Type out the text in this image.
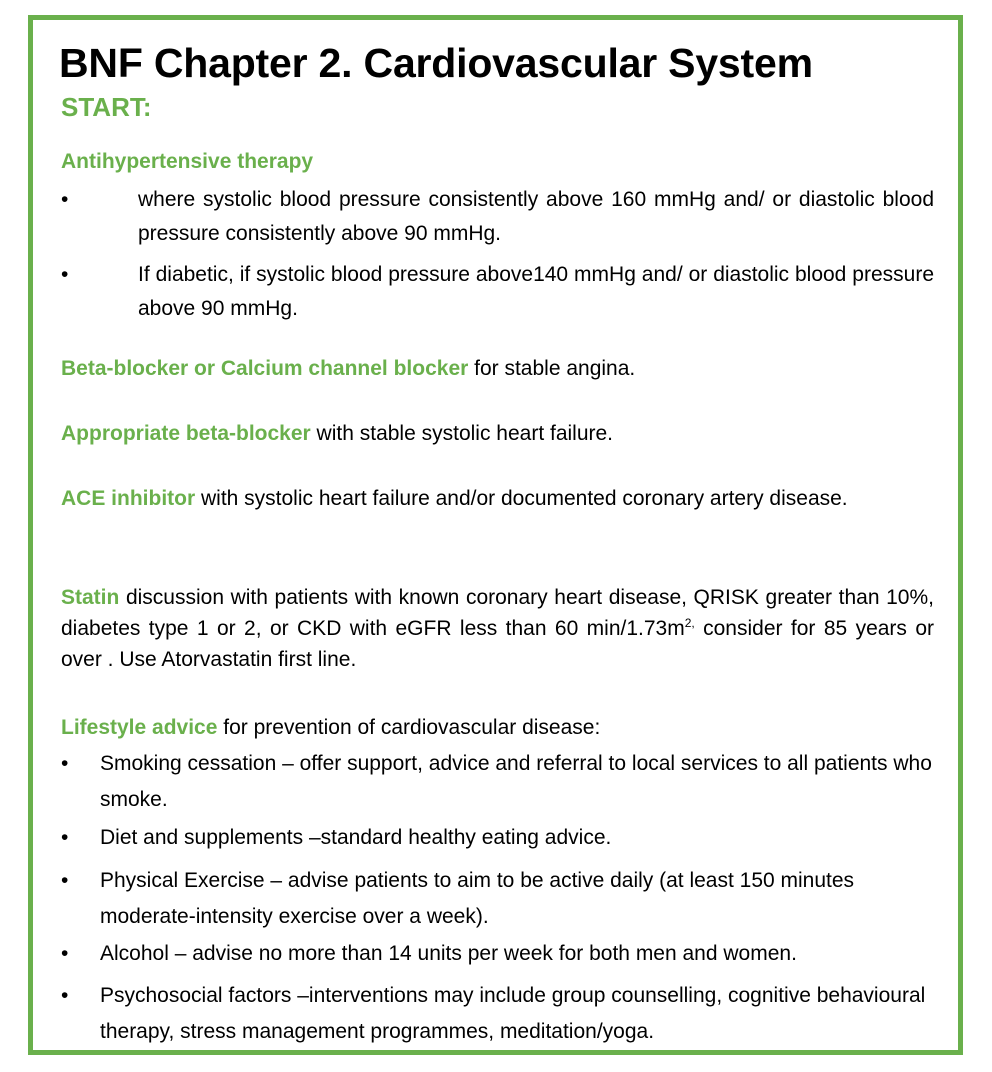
BNF Chapter 2. Cardiovascular System
START:
Antihypertensive therapy
•	where systolic blood pressure consistently above 160 mmHg and/ or diastolic blood pressure consistently above 90 mmHg.
•	If diabetic, if systolic blood pressure above140 mmHg and/ or diastolic blood pressure above 90 mmHg.
Beta-blocker or Calcium channel blocker for stable angina.
Appropriate beta-blocker with stable systolic heart failure.
ACE inhibitor with systolic heart failure and/or documented coronary artery disease.
Statin discussion with patients with known coronary heart disease, QRISK greater than 10%, diabetes type 1 or 2, or CKD with eGFR less than 60 $\min/1.73m^{2,}$ consider for 85 years or over . Use Atorvastatin first line.
Lifestyle advice for prevention of cardiovascular disease:
• Smoking cessation – offer support, advice and referral to local services to all patients who smoke.
• Diet and supplements –standard healthy eating advice.
• Physical Exercise – advise patients to aim to be active daily (at least 150 minutes moderate-intensity exercise over a week).
• Alcohol – advise no more than 14 units per week for both men and women.
• Psychosocial factors –interventions may include group counselling, cognitive behavioural therapy, stress management programmes, meditation/yoga.
